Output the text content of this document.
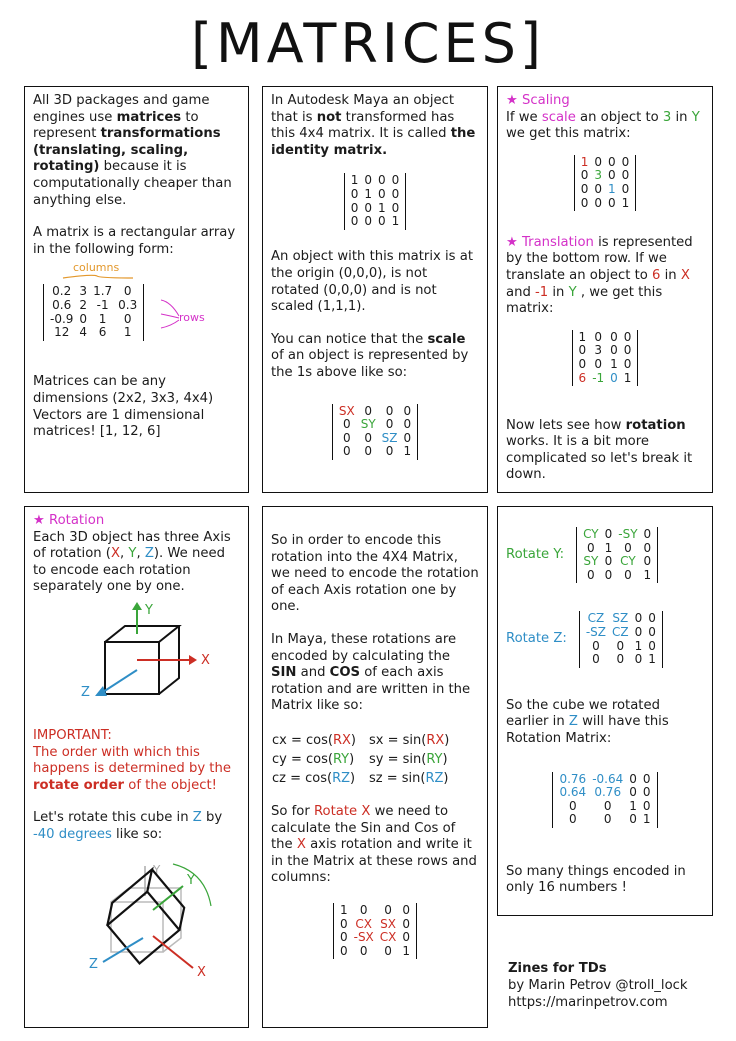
[MATRICES]

All 3D packages and game engines use matrices to represent transformations (translating, scaling, rotating) because it is computationally cheaper than anything else.

A matrix is a rectangular array in the following form:

columns
rows
0.2	3	1.7	0
0.6	2	-1	0.3
-0.9	0	1	0
12	4	6	1

Matrices can be any dimensions (2x2, 3x3, 4x4) Vectors are 1 dimensional matrices! [1, 12, 6]

In Autodesk Maya an object that is not transformed has this 4x4 matrix. It is called the identity matrix.

1	0	0	0
0	1	0	0
0	0	1	0
0	0	0	1

An object with this matrix is at the origin (0,0,0), is not rotated (0,0,0) and is not scaled (1,1,1).

You can notice that the scale of an object is represented by the 1s above like so:

SX	0	0	0
0	SY	0	0
0	0	SZ	0
0	0	0	1

★ Scaling

If we scale an object to 3 in Y we get this matrix:

1	0	0	0
0	3	0	0
0	0	1	0
0	0	0	1

★ Translation is represented by the bottom row. If we translate an object to 6 in X and -1 in Y , we get this matrix:

1	0	0	0
0	3	0	0
0	0	1	0
6	-1	0	1

Now lets see how rotation works. It is a bit more complicated so let's break it down.

★ Rotation

Each 3D object has three Axis of rotation (X, Y, Z). We need to encode each rotation separately one by one.

Y
X
Z

IMPORTANT:

The order with which this happens is determined by the rotate order of the object!

Let's rotate this cube in Z by -40 degrees like so:

Y
Y
X
Z

So in order to encode this rotation into the 4X4 Matrix, we need to encode the rotation of each Axis rotation one by one.

In Maya, these rotations are encoded by calculating the SIN and COS of each axis rotation and are written in the Matrix like so:

cx = cos(RX)	sx = sin(RX)
cy = cos(RY)	sy = sin(RY)
cz = cos(RZ)	sz = sin(RZ)

So for Rotate X we need to calculate the Sin and Cos of the X axis rotation and write it in the Matrix at these rows and columns:

1	0	0	0
0	CX	SX	0
0	-SX	CX	0
0	0	0	1
Rotate Y:
CY	0	-SY	0
0	1	0	0
SY	0	CY	0
0	0	0	1
Rotate Z:
CZ	SZ	0	0
-SZ	CZ	0	0
0	0	1	0
0	0	0	1

So the cube we rotated earlier in Z will have this Rotation Matrix:

0.76	-0.64	0	0
0.64	0.76	0	0
0	0	1	0
0	0	0	1

So many things encoded in only 16 numbers !

Zines for TDs
by Marin Petrov @troll_lock
https://marinpetrov.com
